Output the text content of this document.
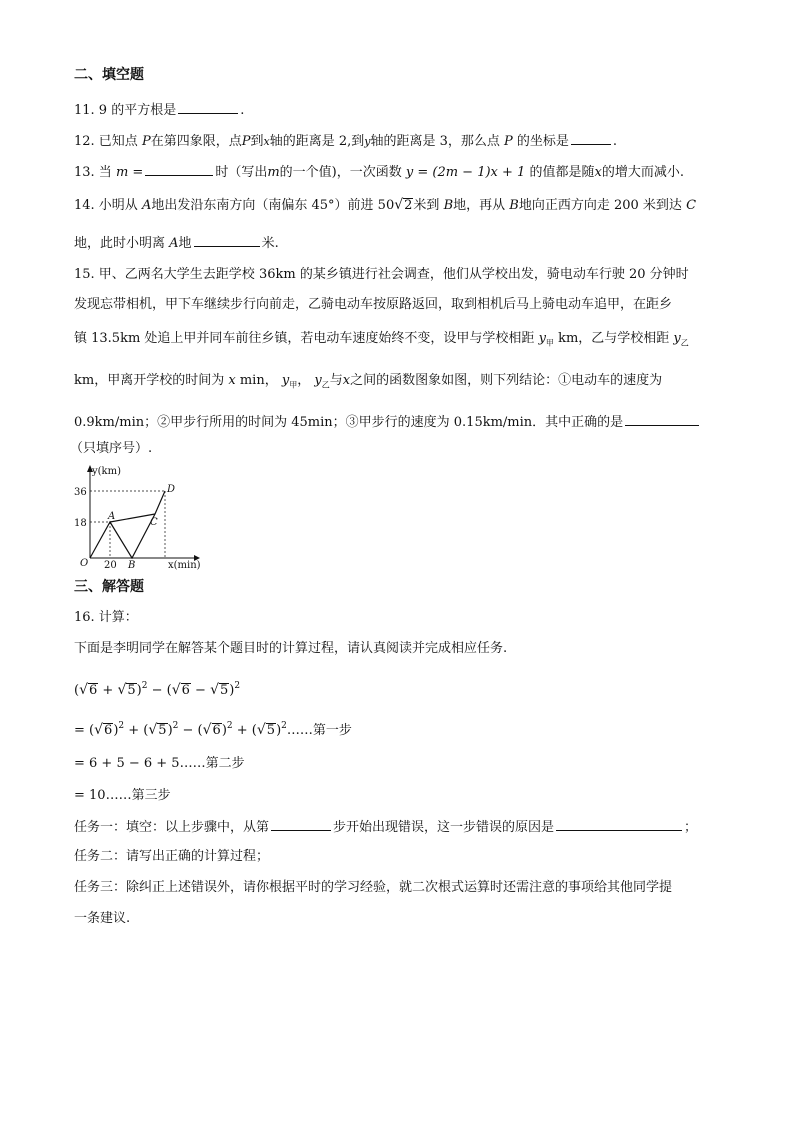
二、填空题
11. 9 的平方根是	.
12. 已知点 P在第四象限，点P到x轴的距离是 2,到y轴的距离是 3，那么点 P 的坐标是	.
13. 当 m =	时（写出m的一个值)，一次函数 y = (2m − 1)x + 1 的值都是随x的增大而减小.
14. 小明从 A地出发沿东南方向（南偏东 45°）前进 50√2米到 B地，再从 B地向正西方向走 200 米到达 C
地，此时小明离 A地	米.
15. 甲、乙两名大学生去距学校 36km 的某乡镇进行社会调查，他们从学校出发，骑电动车行驶 20 分钟时
发现忘带相机，甲下车继续步行向前走，乙骑电动车按原路返回，取到相机后马上骑电动车追甲，在距乡
镇 13.5km 处追上甲并同车前往乡镇，若电动车速度始终不变，设甲与学校相距 $y_甲$ km，乙与学校相距 $y_乙$
km，甲离开学校的时间为 x min， $y_甲$， $y_乙$与x之间的函数图象如图，则下列结论：①电动车的速度为
0.9km/min；②甲步行所用的时间为 45min；③甲步行的速度为 0.15km/min．其中正确的是
（只填序号）.
y(km)
x(min)
O
36
18
20
A
B
C
D
三、解答题
16. 计算：
下面是李明同学在解答某个题目时的计算过程，请认真阅读并完成相应任务.
$(√6 + √5)^2 - (√6 - √5)^2$
= $(√6)^2 + (√5)^2 - (√6)^2$ + $(√5)^2\dots\dots$第一步
= 6 + 5 − 6 + 5……第二步
= 10……第三步
任务一：填空：以上步骤中，从第	步开始出现错误，这一步错误的原因是	；
任务二：请写出正确的计算过程；
任务三：除纠正上述错误外，请你根据平时的学习经验，就二次根式运算时还需注意的事项给其他同学提
一条建议.
